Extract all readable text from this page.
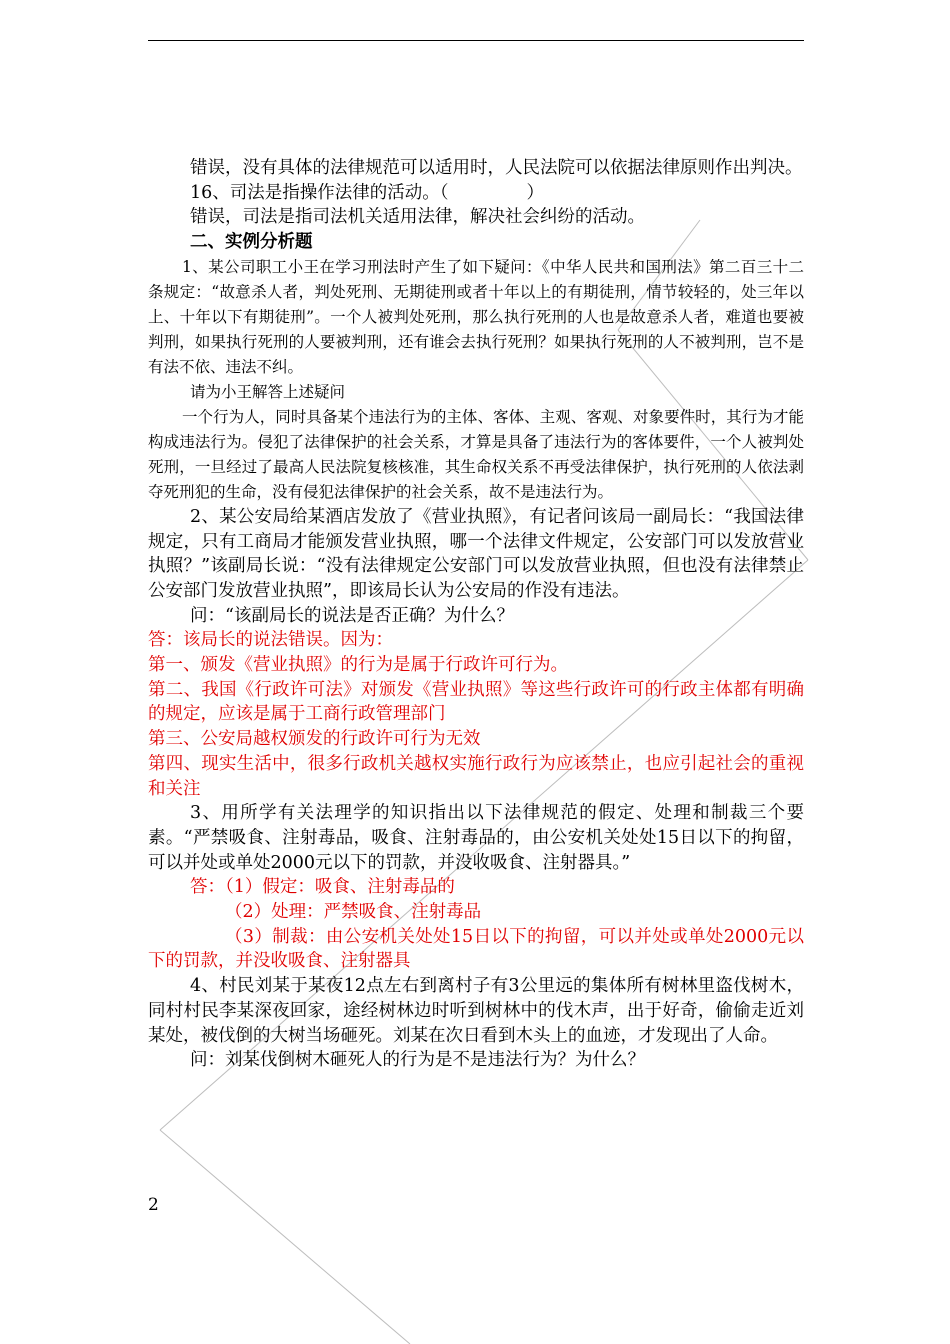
错误，没有具体的法律规范可以适用时，人民法院可以依据法律原则作出判决。

16、司法是指操作法律的活动。（	）

错误，司法是指司法机关适用法律，解决社会纠纷的活动。

二、实例分析题

1、某公司职工小王在学习刑法时产生了如下疑问：《中华人民共和国刑法》第二百三十二条规定：“故意杀人者，判处死刑、无期徒刑或者十年以上的有期徒刑，情节较轻的，处三年以上、十年以下有期徒刑”。一个人被判处死刑，那么执行死刑的人也是故意杀人者，难道也要被判刑，如果执行死刑的人要被判刑，还有谁会去执行死刑？如果执行死刑的人不被判刑，岂不是有法不依、违法不纠。

请为小王解答上述疑问

一个行为人，同时具备某个违法行为的主体、客体、主观、客观、对象要件时，其行为才能构成违法行为。侵犯了法律保护的社会关系，才算是具备了违法行为的客体要件，一个人被判处死刑，一旦经过了最高人民法院复核核准，其生命权关系不再受法律保护，执行死刑的人依法剥夺死刑犯的生命，没有侵犯法律保护的社会关系，故不是违法行为。

2、某公安局给某酒店发放了《营业执照》，有记者问该局一副局长：“我国法律规定，只有工商局才能颁发营业执照，哪一个法律文件规定，公安部门可以发放营业执照？”该副局长说：“没有法律规定公安部门可以发放营业执照，但也没有法律禁止公安部门发放营业执照”，即该局长认为公安局的作没有违法。

问：“该副局长的说法是否正确？为什么？

答：该局长的说法错误。因为：

第一、颁发《营业执照》的行为是属于行政许可行为。

第二、我国《行政许可法》对颁发《营业执照》等这些行政许可的行政主体都有明确的规定，应该是属于工商行政管理部门

第三、公安局越权颁发的行政许可行为无效

第四、现实生活中，很多行政机关越权实施行政行为应该禁止，也应引起社会的重视和关注

3、用所学有关法理学的知识指出以下法律规范的假定、处理和制裁三个要素。“严禁吸食、注射毒品，吸食、注射毒品的，由公安机关处处15日以下的拘留，可以并处或单处2000元以下的罚款，并没收吸食、注射器具。”

答：（1）假定：吸食、注射毒品的

（2）处理：严禁吸食、注射毒品

（3）制裁：由公安机关处处15日以下的拘留，可以并处或单处2000元以下的罚款，并没收吸食、注射器具

4、村民刘某于某夜12点左右到离村子有3公里远的集体所有树林里盗伐树木，同村村民李某深夜回家，途经树林边时听到树林中的伐木声，出于好奇，偷偷走近刘某处，被伐倒的大树当场砸死。刘某在次日看到木头上的血迹，才发现出了人命。

问：刘某伐倒树木砸死人的行为是不是违法行为？为什么？

2
